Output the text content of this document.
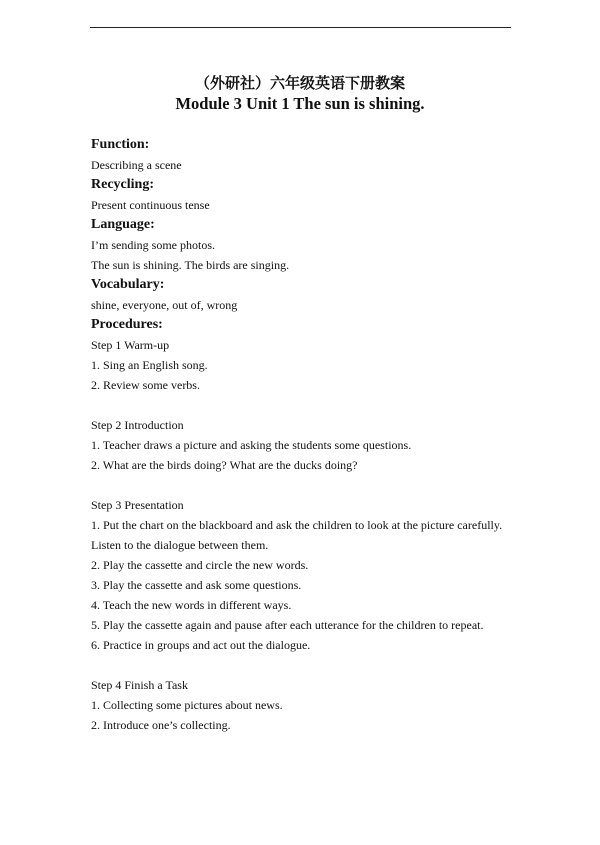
（外研社）六年级英语下册教案
Module 3 Unit 1 The sun is shining.

Function:

Describing a scene

Recycling:

Present continuous tense

Language:

I’m sending some photos.

The sun is shining. The birds are singing.

Vocabulary:

shine, everyone, out of, wrong

Procedures:

Step 1 Warm-up

1. Sing an English song.

2. Review some verbs.

Step 2 Introduction

1. Teacher draws a picture and asking the students some questions.

2. What are the birds doing? What are the ducks doing?

Step 3 Presentation

1. Put the chart on the blackboard and ask the children to look at the picture carefully.

Listen to the dialogue between them.

2. Play the cassette and circle the new words.

3. Play the cassette and ask some questions.

4. Teach the new words in different ways.

5. Play the cassette again and pause after each utterance for the children to repeat.

6. Practice in groups and act out the dialogue.

Step 4 Finish a Task

1. Collecting some pictures about news.

2. Introduce one’s collecting.
